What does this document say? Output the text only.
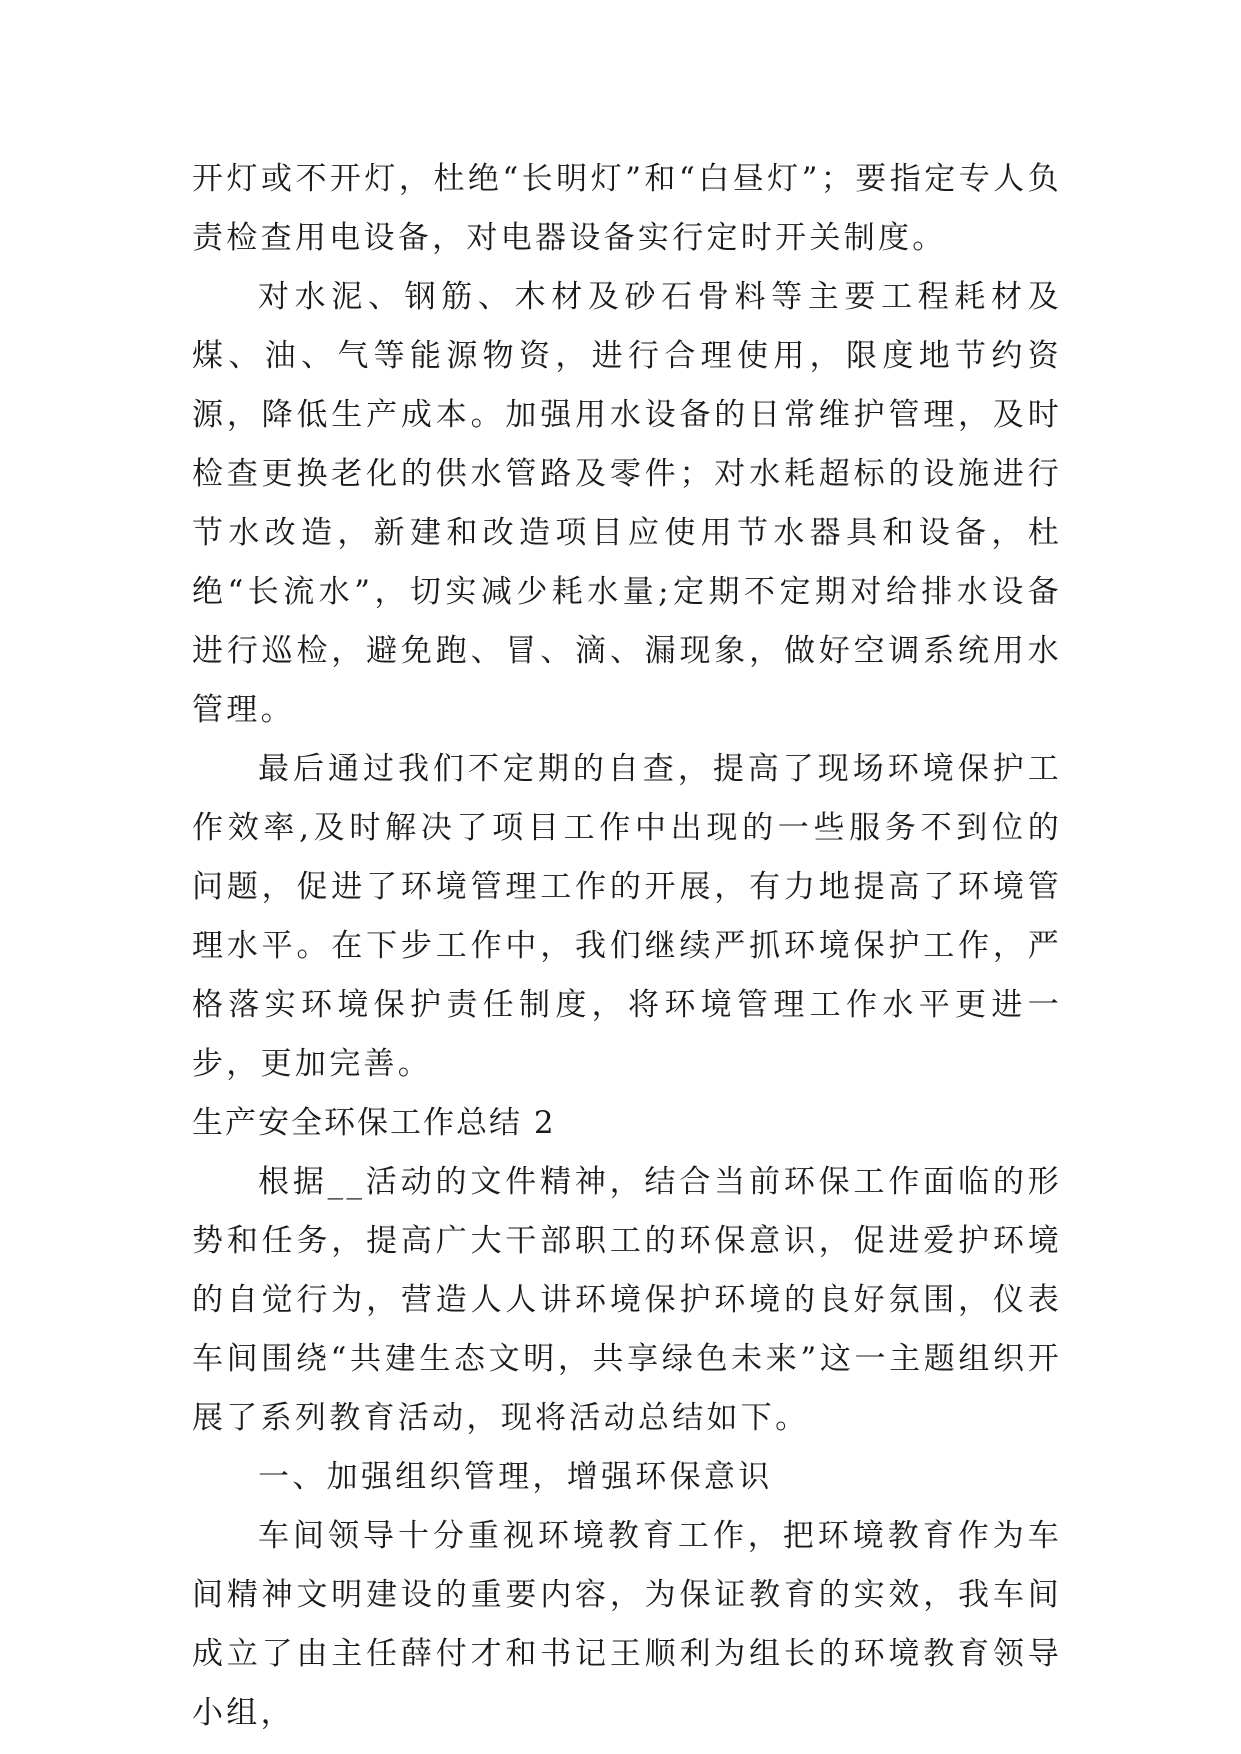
开灯或不开灯，杜绝“长明灯”和“白昼灯”；要指定专人负责检查用电设备，对电器设备实行定时开关制度。

对水泥、钢筋、木材及砂石骨料等主要工程耗材及煤、油、气等能源物资，进行合理使用，限度地节约资源，降低生产成本。加强用水设备的日常维护管理，及时检查更换老化的供水管路及零件；对水耗超标的设施进行节水改造，新建和改造项目应使用节水器具和设备，杜绝“长流水”，切实减少耗水量;定期不定期对给排水设备进行巡检，避免跑、冒、滴、漏现象，做好空调系统用水管理。

最后通过我们不定期的自查，提高了现场环境保护工作效率,及时解决了项目工作中出现的一些服务不到位的问题，促进了环境管理工作的开展，有力地提高了环境管理水平。在下步工作中，我们继续严抓环境保护工作，严格落实环境保护责任制度，将环境管理工作水平更进一步，更加完善。

生产安全环保工作总结 2

根据__活动的文件精神，结合当前环保工作面临的形势和任务，提高广大干部职工的环保意识，促进爱护环境的自觉行为，营造人人讲环境保护环境的良好氛围，仪表车间围绕“共建生态文明，共享绿色未来”这一主题组织开展了系列教育活动，现将活动总结如下。

一、加强组织管理，增强环保意识

车间领导十分重视环境教育工作，把环境教育作为车间精神文明建设的重要内容，为保证教育的实效，我车间成立了由主任薛付才和书记王顺利为组长的环境教育领导小组，
